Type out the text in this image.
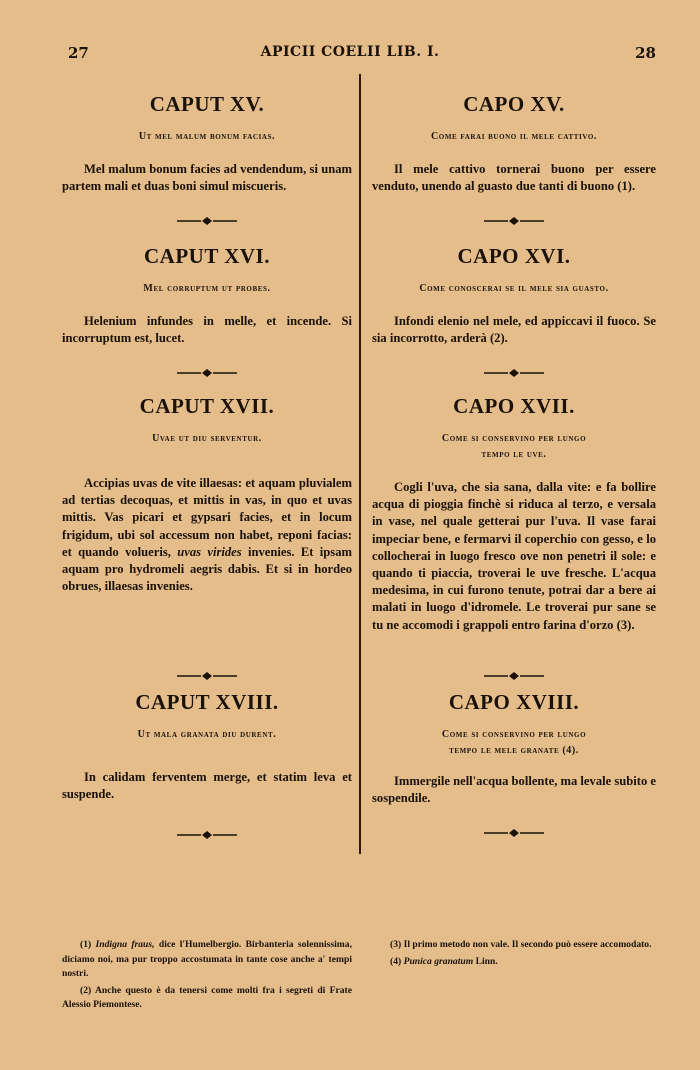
27	APICII COELII LIB. I.	28
CAPUT XV.
Ut mel malum bonum facias.

Mel malum bonum facies ad vendendum, si unam partem mali et duas boni simul miscueris.

CAPUT XVI.
Mel corruptum ut probes.

Helenium infundes in melle, et incende. Si incorruptum est, lucet.

CAPUT XVII.
Uvae ut diu serventur.

Accipias uvas de vite illaesas: et aquam pluvialem ad tertias decoquas, et mittis in vas, in quo et uvas mittis. Vas picari et gypsari facies, et in locum frigidum, ubi sol accessum non habet, reponi facias: et quando volueris, uvas virides invenies. Et ipsam aquam pro hydromeli aegris dabis. Et si in hordeo obrues, illaesas invenies.

CAPUT XVIII.
Ut mala granata diu durent.

In calidam ferventem merge, et statim leva et suspende.

CAPO XV.
Come farai buono il mele cattivo.

Il mele cattivo tornerai buono per essere venduto, unendo al guasto due tanti di buono (1).

CAPO XVI.
Come conoscerai se il mele sia guasto.

Infondi elenio nel mele, ed appiccavi il fuoco. Se sia incorrotto, arderà (2).

CAPO XVII.
Come si conservino per lungo tempo le uve.

Cogli l'uva, che sia sana, dalla vite: e fa bollire acqua di pioggia finchè si riduca al terzo, e versala in vase, nel quale getterai pur l'uva. Il vase farai impeciar bene, e fermarvi il coperchio con gesso, e lo collocherai in luogo fresco ove non penetri il sole: e quando ti piaccia, troverai le uve fresche. L'acqua medesima, in cui furono tenute, potrai dar a bere ai malati in luogo d'idromele. Le troverai pur sane se tu ne accomodi i grappoli entro farina d'orzo (3).

CAPO XVIII.
Come si conservino per lungo tempo le mele granate (4).

Immergile nell'acqua bollente, ma levale subito e sospendile.

(1) Indigna fraus, dice l'Humelbergio. Birbanteria solennissima, diciamo noi, ma pur troppo accostumata in tante cose anche a' tempi nostri.

(2) Anche questo è da tenersi come molti fra i segreti di Frate Alessio Piemontese.

(3) Il primo metodo non vale. Il secondo può essere accomodato.

(4) Punica granatum Linn.
